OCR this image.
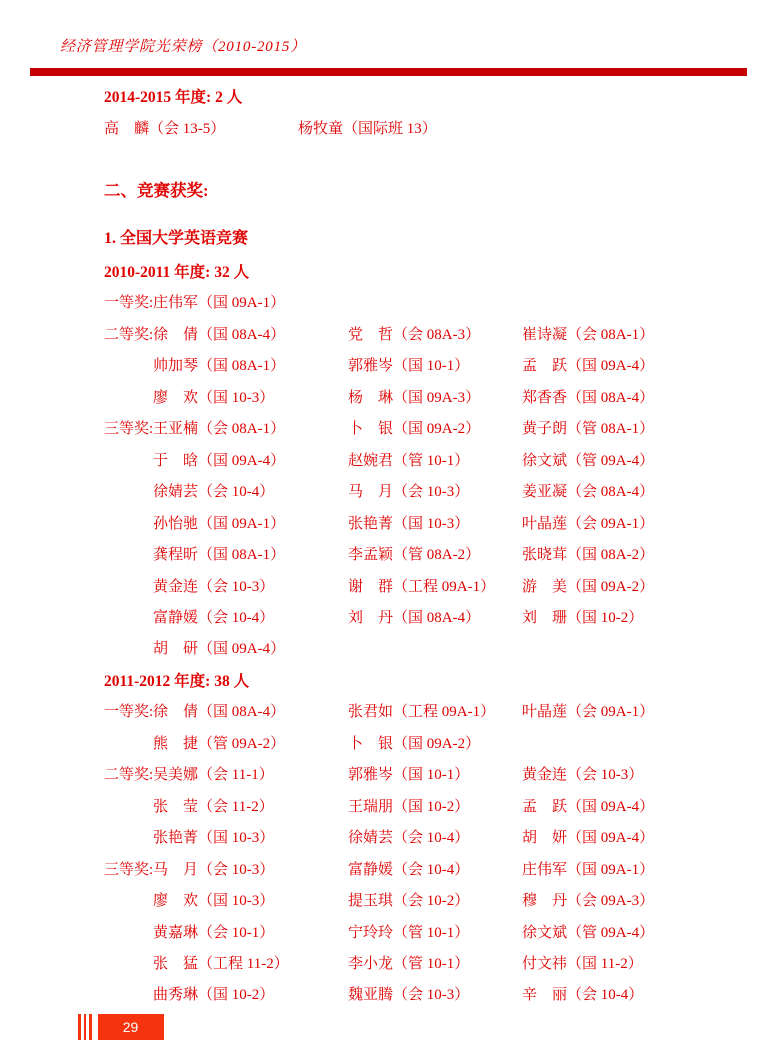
经济管理学院光荣榜（2010-2015）
2014-2015 年度: 2 人
高　麟（会 13-5）	杨牧童（国际班 13）
二、竞赛获奖:
1. 全国大学英语竞赛
2010-2011 年度: 32 人
一等奖: 庄伟军（国 09A-1）
二等奖: 徐　倩（国 08A-4）	党　哲（会 08A-3）	崔诗凝（会 08A-1）
帅加琴（国 08A-1）	郭雅岑（国 10-1）	孟　跃（国 09A-4）
廖　欢（国 10-3）	杨　琳（国 09A-3）	郑香香（国 08A-4）
三等奖: 王亚楠（会 08A-1）	卜　银（国 09A-2）	黄子朗（管 08A-1）
于　晗（国 09A-4）	赵婉君（管 10-1）	徐文斌（管 09A-4）
徐婧芸（会 10-4）	马　月（会 10-3）	姜亚凝（会 08A-4）
孙怡驰（国 09A-1）	张艳菁（国 10-3）	叶晶莲（会 09A-1）
龚程昕（国 08A-1）	李孟颖（管 08A-2）	张晓茸（国 08A-2）
黄金连（会 10-3）	谢　群（工程 09A-1）	游　美（国 09A-2）
富静媛（会 10-4）	刘　丹（国 08A-4）	刘　珊（国 10-2）
胡　研（国 09A-4）
2011-2012 年度: 38 人
一等奖: 徐　倩（国 08A-4）	张君如（工程 09A-1）	叶晶莲（会 09A-1）
熊　捷（管 09A-2）	卜　银（国 09A-2）
二等奖: 吴美娜（会 11-1）	郭雅岑（国 10-1）	黄金连（会 10-3）
张　莹（会 11-2）	王瑞朋（国 10-2）	孟　跃（国 09A-4）
张艳菁（国 10-3）	徐婧芸（会 10-4）	胡　妍（国 09A-4）
三等奖: 马　月（会 10-3）	富静媛（会 10-4）	庄伟军（国 09A-1）
廖　欢（国 10-3）	提玉琪（会 10-2）	穆　丹（会 09A-3）
黄嘉琳（会 10-1）	宁玲玲（管 10-1）	徐文斌（管 09A-4）
张　猛（工程 11-2）	李小龙（管 10-1）	付文祎（国 11-2）
曲秀琳（国 10-2）	魏亚腾（会 10-3）	辛　丽（会 10-4）
29
